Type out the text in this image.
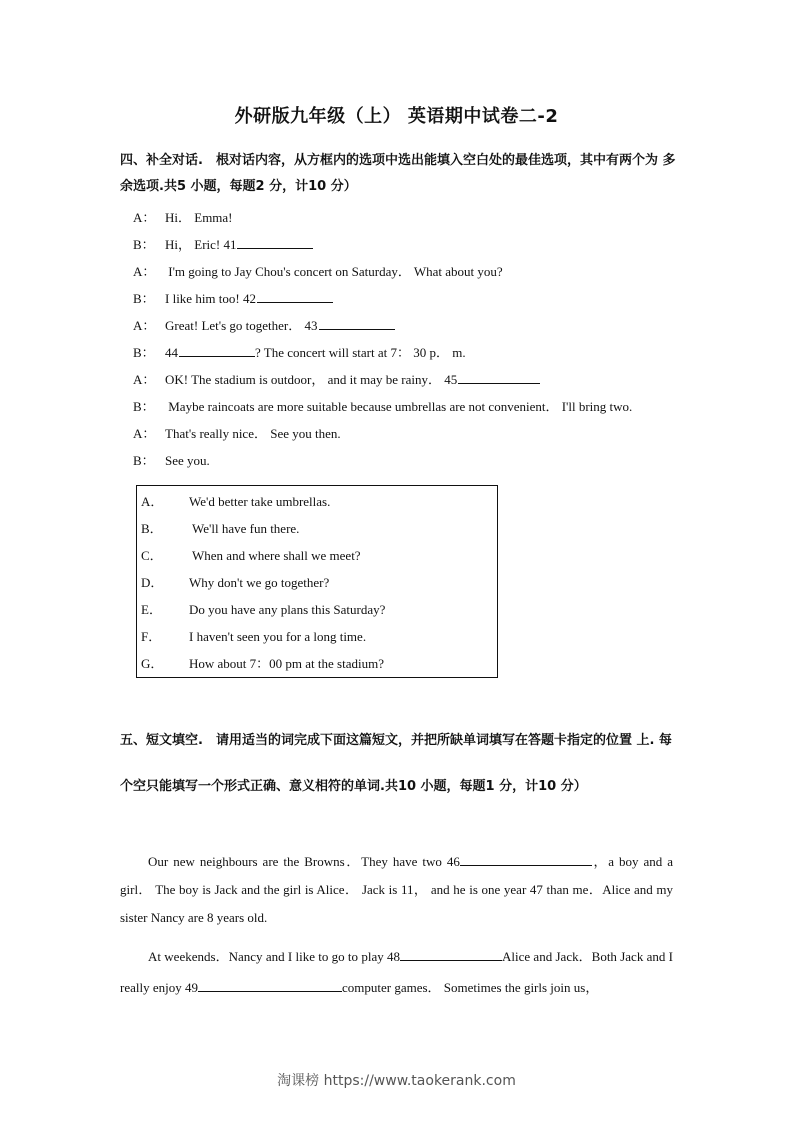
外研版九年级（上） 英语期中试卷二-2

四、补全对话.　根对话内容，从方框内的选项中选出能填入空白处的最佳选项，其中有两个为 多余选项.共5 小题，每题2 分，计10 分）

A： Hi． Emma!
B： Hi， Eric! 41
A： I'm going to Jay Chou's concert on Saturday． What about you?
B： I like him too! 42
A： Great! Let's go together． 43
B： 44	? The concert will start at 7： 30 p． m.
A： OK! The stadium is outdoor， and it may be rainy． 45
B： Maybe raincoats are more suitable because umbrellas are not convenient． I'll bring two.
A： That's really nice． See you then.
B： See you.
A． We'd better take umbrellas.
B． We'll have fun there.
C． When and where shall we meet?
D． Why don't we go together?
E． Do you have any plans this Saturday?
F． I haven't seen you for a long time.
G． How about 7：00 pm at the stadium?

五、短文填空.　请用适当的词完成下面这篇短文，并把所缺单词填写在答题卡指定的位置 上. 每个空只能填写一个形式正确、意义相符的单词.共10 小题，每题1 分，计10 分）

Our new neighbours are the Browns．They have two 46	，a boy and a girl． The boy is Jack and the girl is Alice． Jack is 11， and he is one year 47 than me．Alice and my sister Nancy are 8 years old.

At weekends．Nancy and I like to go to play 48	Alice and Jack．Both Jack and I really enjoy 49	computer games． Sometimes the girls join us，

淘课榜 https://www.taokerank.com
